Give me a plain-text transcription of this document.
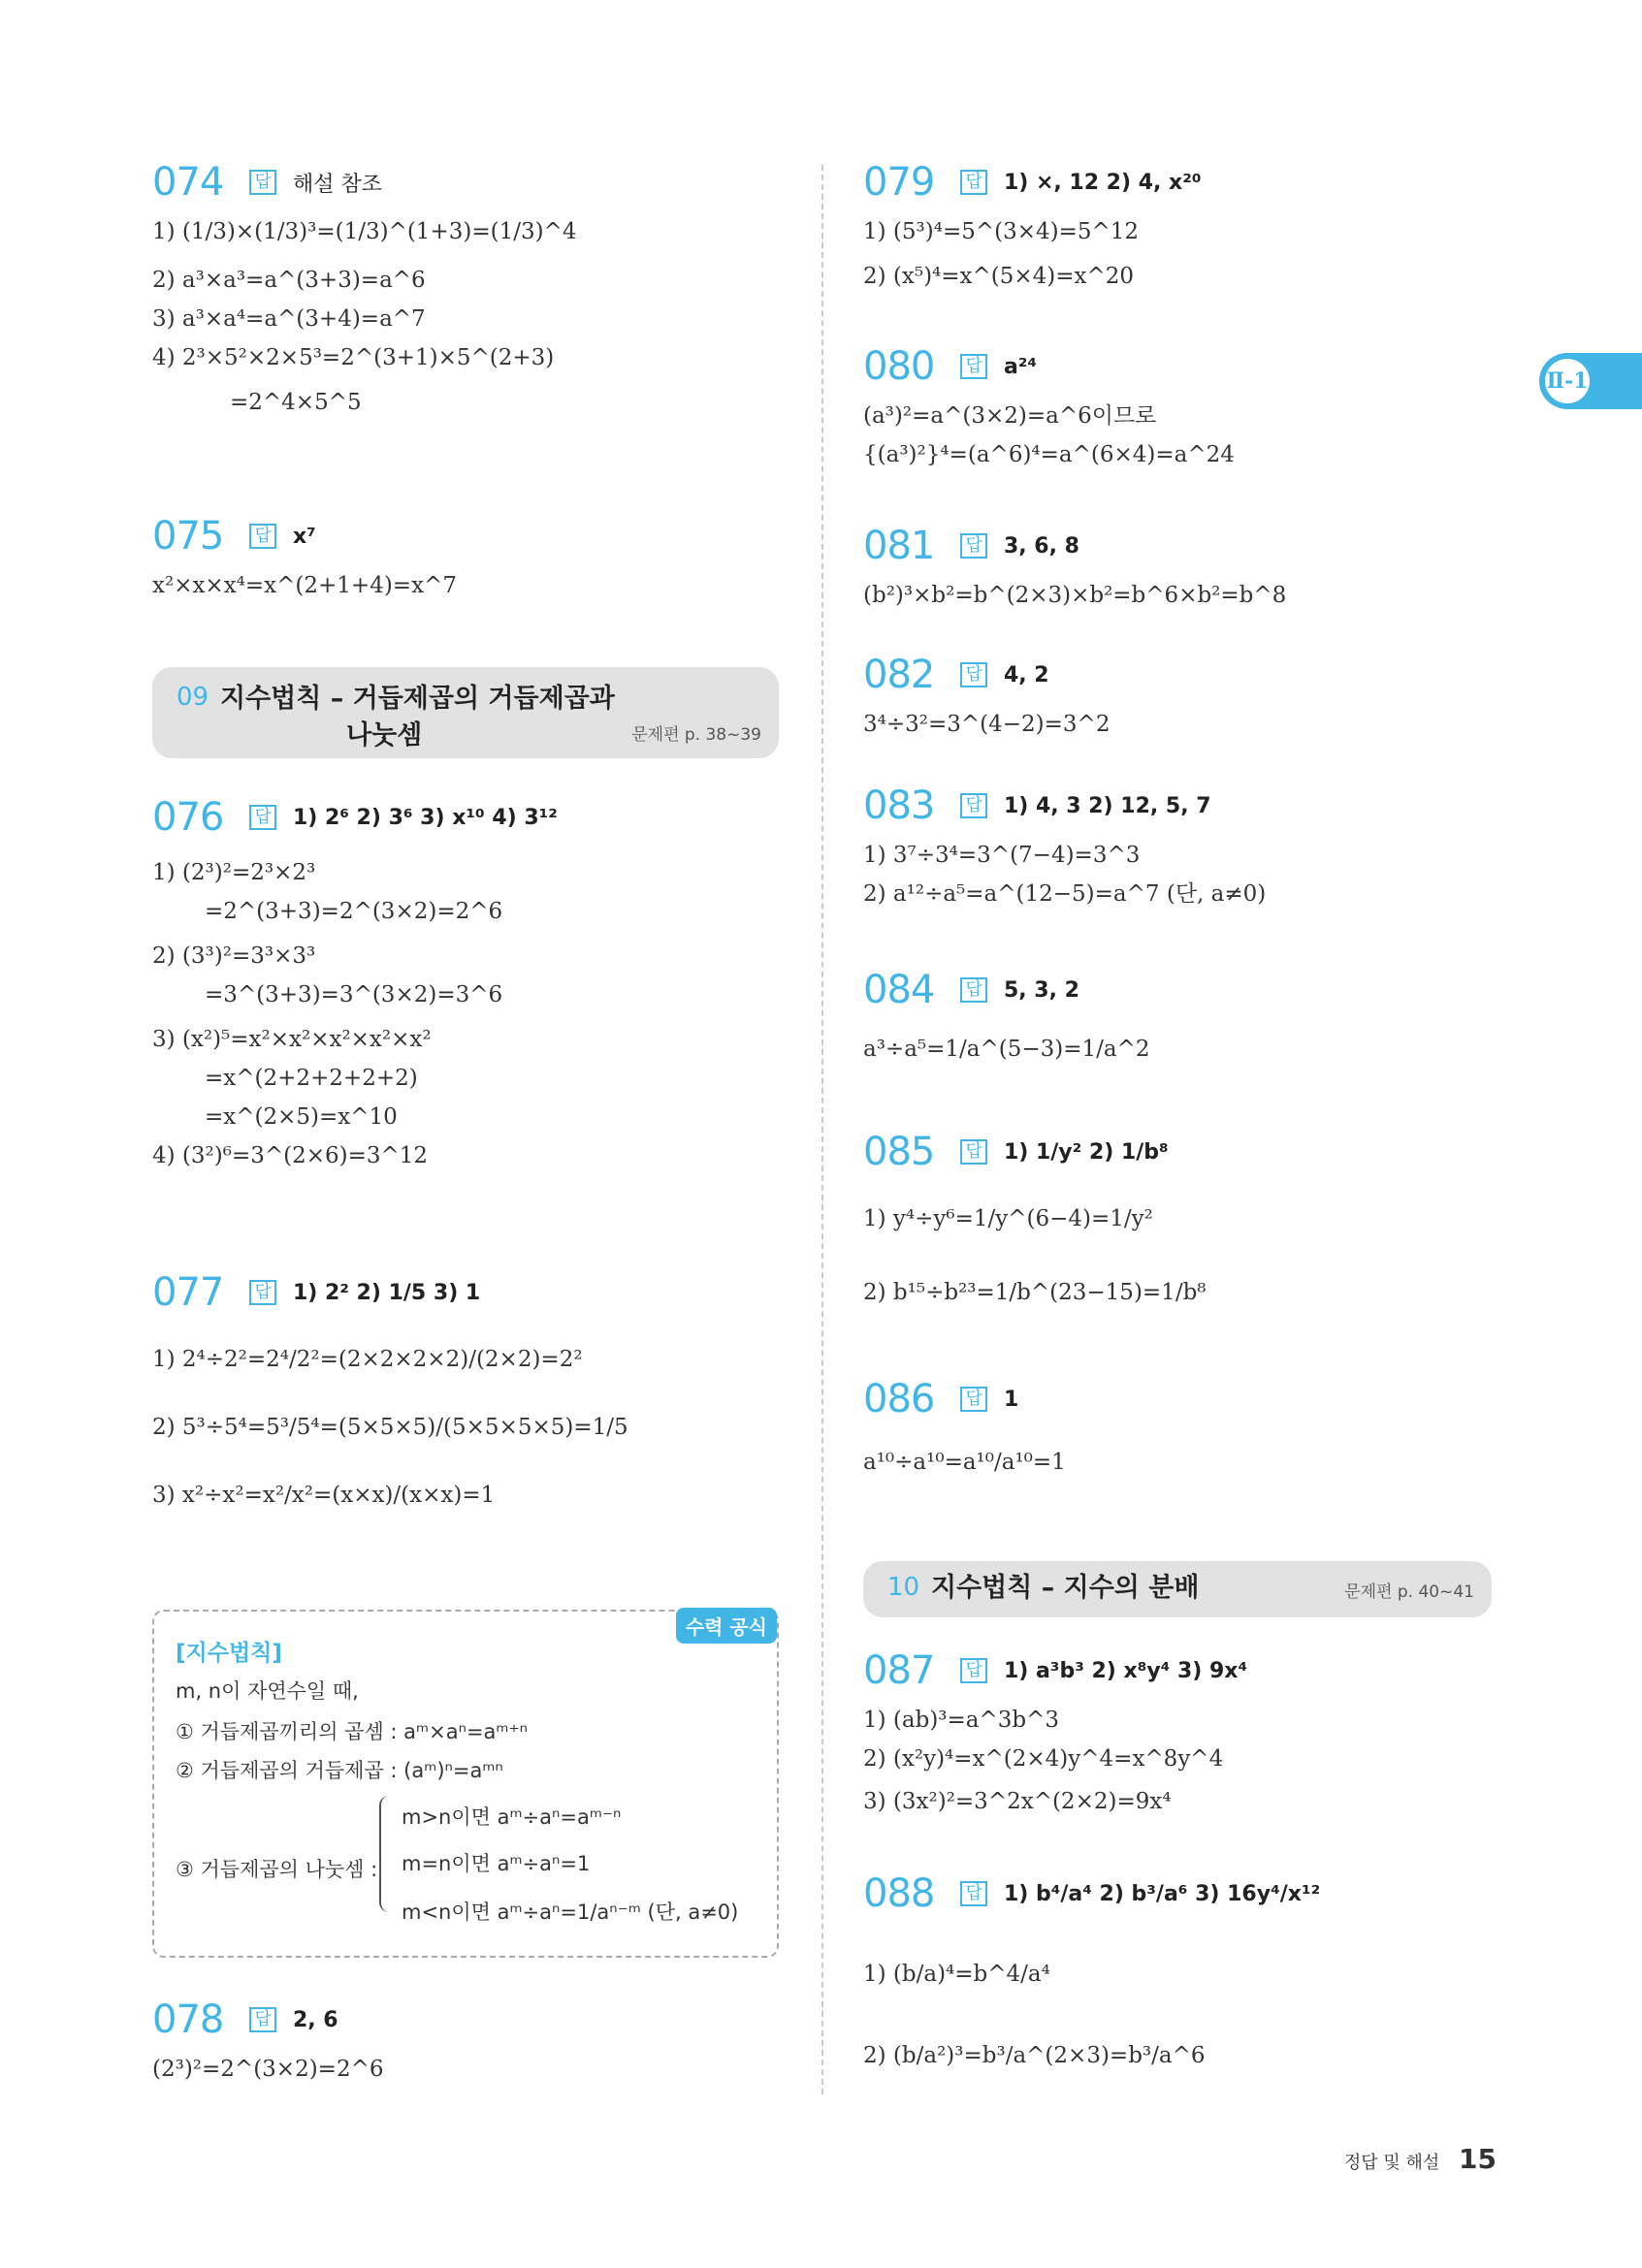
Ⅱ-1
074 답 해설 참조
1) (1/3)×(1/3)³=(1/3)^(1+3)=(1/3)^4
2) a³×a³=a^(3+3)=a^6
3) a³×a⁴=a^(3+4)=a^7
4) 2³×5²×2×5³=2^(3+1)×5^(2+3)
=2^4×5^5
075 답 x⁷
x²×x×x⁴=x^(2+1+4)=x^7
09 지수법칙 – 거듭제곱의 거듭제곱과
나눗셈	문제편 p. 38~39
076 답 1) 2⁶ 2) 3⁶ 3) x¹⁰ 4) 3¹²
1) (2³)²=2³×2³
=2^(3+3)=2^(3×2)=2^6
2) (3³)²=3³×3³
=3^(3+3)=3^(3×2)=3^6
3) (x²)⁵=x²×x²×x²×x²×x²
=x^(2+2+2+2+2)
=x^(2×5)=x^10
4) (3²)⁶=3^(2×6)=3^12
077 답 1) 2² 2) 1/5 3) 1
1) 2⁴÷2²=2⁴/2²=(2×2×2×2)/(2×2)=2²
2) 5³÷5⁴=5³/5⁴=(5×5×5)/(5×5×5×5)=1/5
3) x²÷x²=x²/x²=(x×x)/(x×x)=1
078 답 2, 6
(2³)²=2^(3×2)=2^6
수력 공식
[지수법칙]
m, n이 자연수일 때,
① 거듭제곱끼리의 곱셈 : aᵐ×aⁿ=aᵐ⁺ⁿ
② 거듭제곱의 거듭제곱 : (aᵐ)ⁿ=aᵐⁿ
③ 거듭제곱의 나눗셈 :
m>n이면 aᵐ÷aⁿ=aᵐ⁻ⁿ
m=n이면 aᵐ÷aⁿ=1
m<n이면 aᵐ÷aⁿ=1/aⁿ⁻ᵐ (단, a≠0)
079 답 1) ×, 12 2) 4, x²⁰
1) (5³)⁴=5^(3×4)=5^12
2) (x⁵)⁴=x^(5×4)=x^20
080 답 a²⁴
(a³)²=a^(3×2)=a^6이므로
{(a³)²}⁴=(a^6)⁴=a^(6×4)=a^24
081 답 3, 6, 8
(b²)³×b²=b^(2×3)×b²=b^6×b²=b^8
082 답 4, 2
3⁴÷3²=3^(4−2)=3^2
083 답 1) 4, 3 2) 12, 5, 7
1) 3⁷÷3⁴=3^(7−4)=3^3
2) a¹²÷a⁵=a^(12−5)=a^7 (단, a≠0)
084 답 5, 3, 2
a³÷a⁵=1/a^(5−3)=1/a^2
085 답 1) 1/y² 2) 1/b⁸
1) y⁴÷y⁶=1/y^(6−4)=1/y²
2) b¹⁵÷b²³=1/b^(23−15)=1/b⁸
086 답 1
a¹⁰÷a¹⁰=a¹⁰/a¹⁰=1
10 지수법칙 – 지수의 분배	문제편 p. 40~41
087 답 1) a³b³ 2) x⁸y⁴ 3) 9x⁴
1) (ab)³=a^3b^3
2) (x²y)⁴=x^(2×4)y^4=x^8y^4
3) (3x²)²=3^2x^(2×2)=9x⁴
088 답 1) b⁴/a⁴ 2) b³/a⁶ 3) 16y⁴/x¹²
1) (b/a)⁴=b^4/a⁴
2) (b/a²)³=b³/a^(2×3)=b³/a^6
정답 및 해설 15
